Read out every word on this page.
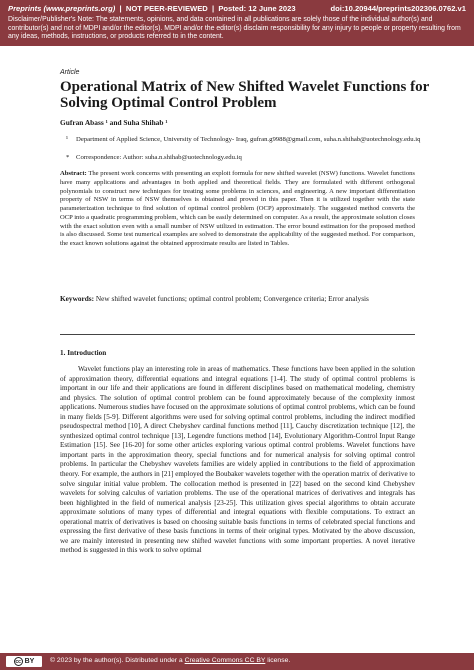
Preprints (www.preprints.org)  |  NOT PEER-REVIEWED  |  Posted: 12 June 2023	doi:10.20944/preprints202306.0762.v1
Disclaimer/Publisher's Note: The statements, opinions, and data contained in all publications are solely those of the individual author(s) and contributor(s) and not of MDPI and/or the editor(s). MDPI and/or the editor(s) disclaim responsibility for any injury to people or property resulting from any ideas, methods, instructions, or products referred to in the content.
Article
Operational Matrix of New Shifted Wavelet Functions for Solving Optimal Control Problem
Gufran Abass ¹ and Suha Shihab ¹
¹ Department of Applied Science, University of Technology- Iraq, gufran.g9988@gmail.com, suha.n.shihab@uotechnology.edu.iq
* Correspondence: Author: suha.n.shihab@uotechnology.edu.iq
Abstract: The present work concerns with presenting an exploit formula for new shifted wavelet (NSW) functions. Wavelet functions have many applications and advantages in both applied and theoretical fields. They are formulated with different orthogonal polynomials to construct new techniques for treating some problems in sciences, and engineering. A new important differentiation property of NSW in terms of NSW themselves is obtained and proved in this paper. Then it is utilized together with the state parameterization technique to find solution of optimal control problem (OCP) approximately. The suggested method converts the OCP into a quadratic programming problem, which can be easily determined on computer. As a result, the approximate solution closes with the exact solution even with a small number of NSW utilized in estimation. The error bound estimation for the proposed method is also discussed. Some test numerical examples are solved to demonstrate the applicability of the suggested method. For comparison, the exact known solutions against the obtained approximate results are listed in Tables.
Keywords: New shifted wavelet functions; optimal control problem; Convergence criteria; Error analysis
1. Introduction

Wavelet functions play an interesting role in areas of mathematics. These functions have been applied in the solution of approximation theory, differential equations and integral equations [1-4]. The study of optimal control problems is important in our life and their applications are found in different disciplines based on mathematical modeling, chemistry and physics. The solution of optimal control problem can be found approximately because of the complexity inmost applications. Numerous studies have focused on the approximate solutions of optimal control problems, which can be found in many fields [5-9]. Different algorithms were used for solving optimal control problems, including the indirect modified pseudospectral method [10], A direct Chebyshev cardinal functions method [11], Cauchy discretization technique [12], the synthesized optimal control technique [13], Legendre functions method [14], Evolutionary Algorithm-Control Input Range Estimation [15]. See [16-20] for some other articles exploring various optimal control problems. Wavelet functions have important parts in the approximation theory, special functions and for numerical analysis for solving optimal control problems. In particular the Chebyshev wavelets families are widely applied in contributions to the field of approximation theory. For example, the authors in [21] employed the Boubaker wavelets together with the operation matrix of derivative to solve singular initial value problem. The collocation method is presented in [22] based on the second kind Chebyshev wavelets for solving calculus of variation problems. The use of the operational matrices of derivatives and integrals has been highlighted in the field of numerical analysis [23-25]. This utilization gives special algorithms to obtain accurate approximate solutions of many types of differential and integral equations with flexible computations. To extract an operational matrix of derivatives is based on choosing suitable basis functions in terms of celebrated special functions and expressing the first derivative of these basis functions in terms of their original types. Motivated by the above discussion, we are mainly interested in presenting new shifted wavelet functions with some important properties. A novel iterative method is suggested in this work to solve optimal

cc BY © 2023 by the author(s). Distributed under a Creative Commons CC BY license.
